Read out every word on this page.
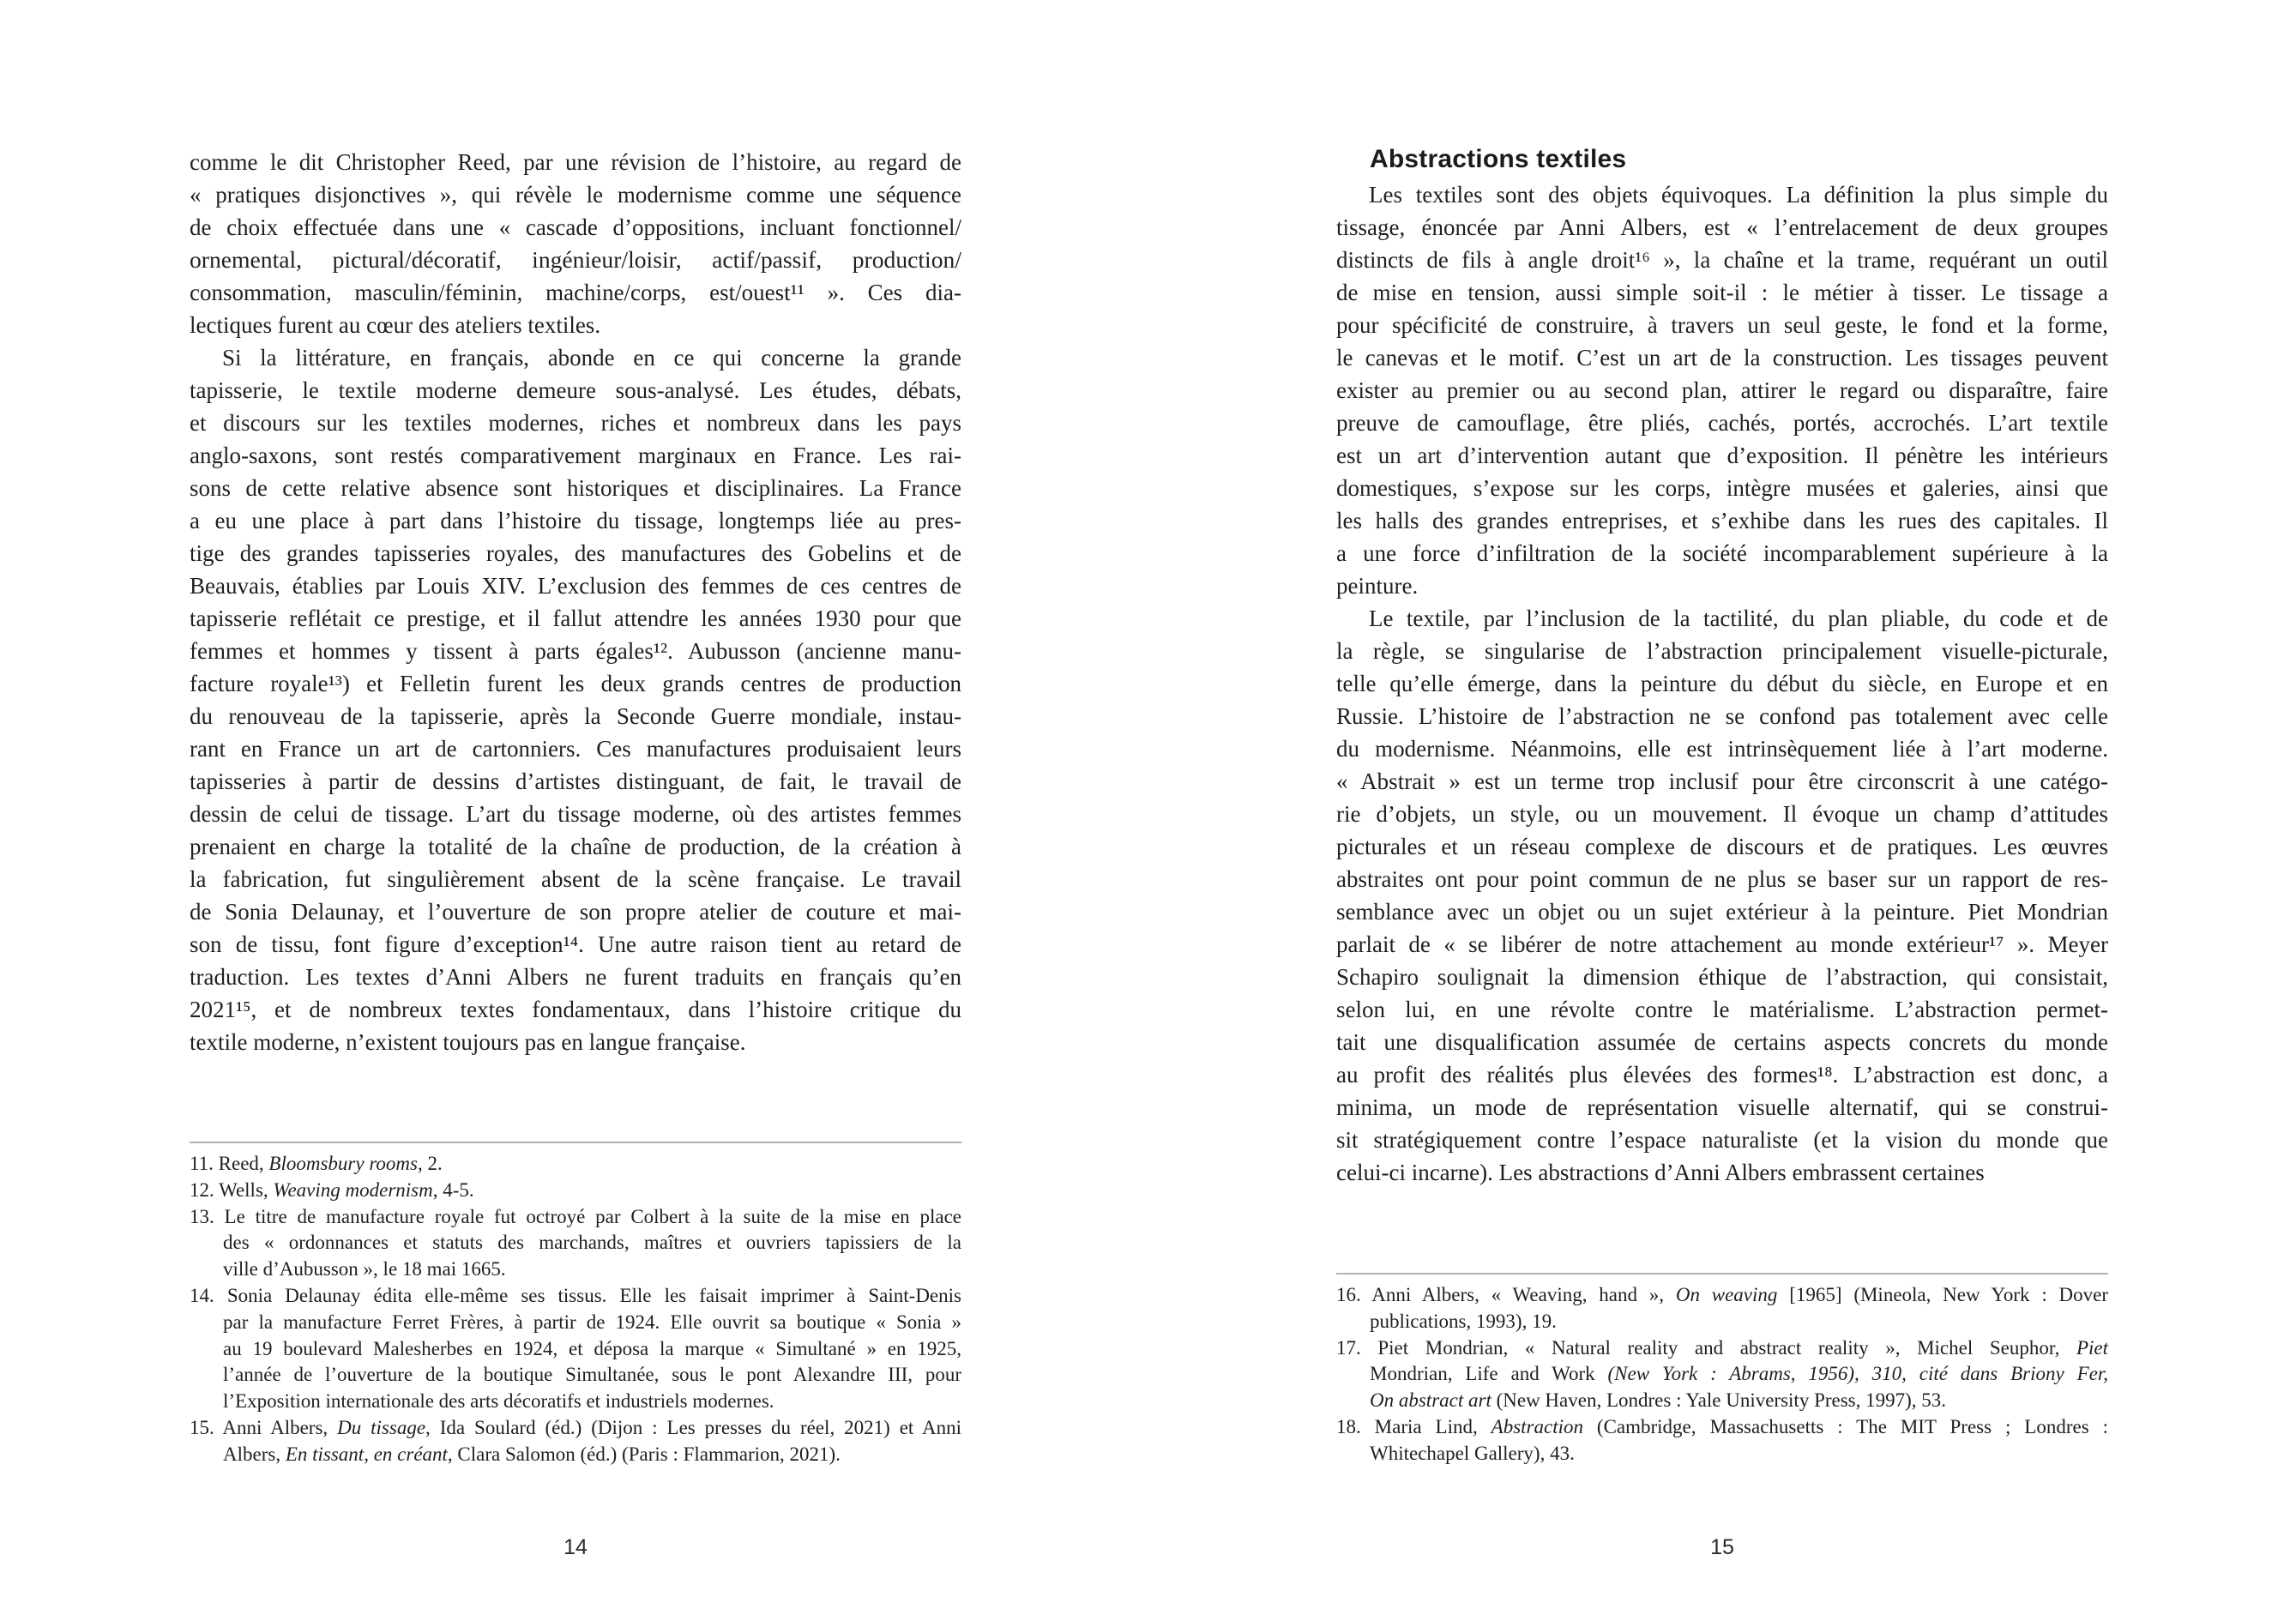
comme le dit Christopher Reed, par une révision de l’histoire, au regard de
« pratiques disjonctives », qui révèle le modernisme comme une séquence
de choix effectuée dans une « cascade d’oppositions, incluant fonctionnel/
ornemental, pictural/décoratif, ingénieur/loisir, actif/passif, production/
consommation, masculin/féminin, machine/corps, est/ouest¹¹ ». Ces dia-
lectiques furent au cœur des ateliers textiles.
Si la littérature, en français, abonde en ce qui concerne la grande
tapisserie, le textile moderne demeure sous-analysé. Les études, débats,
et discours sur les textiles modernes, riches et nombreux dans les pays
anglo-saxons, sont restés comparativement marginaux en France. Les rai-
sons de cette relative absence sont historiques et disciplinaires. La France
a eu une place à part dans l’histoire du tissage, longtemps liée au pres-
tige des grandes tapisseries royales, des manufactures des Gobelins et de
Beauvais, établies par Louis XIV. L’exclusion des femmes de ces centres de
tapisserie reflétait ce prestige, et il fallut attendre les années 1930 pour que
femmes et hommes y tissent à parts égales¹². Aubusson (ancienne manu-
facture royale¹³) et Felletin furent les deux grands centres de production
du renouveau de la tapisserie, après la Seconde Guerre mondiale, instau-
rant en France un art de cartonniers. Ces manufactures produisaient leurs
tapisseries à partir de dessins d’artistes distinguant, de fait, le travail de
dessin de celui de tissage. L’art du tissage moderne, où des artistes femmes
prenaient en charge la totalité de la chaîne de production, de la création à
la fabrication, fut singulièrement absent de la scène française. Le travail
de Sonia Delaunay, et l’ouverture de son propre atelier de couture et mai-
son de tissu, font figure d’exception¹⁴. Une autre raison tient au retard de
traduction. Les textes d’Anni Albers ne furent traduits en français qu’en
2021¹⁵, et de nombreux textes fondamentaux, dans l’histoire critique du
textile moderne, n’existent toujours pas en langue française.
11. Reed, Bloomsbury rooms, 2.
12. Wells, Weaving modernism, 4-5.
13. Le titre de manufacture royale fut octroyé par Colbert à la suite de la mise en place
des « ordonnances et statuts des marchands, maîtres et ouvriers tapissiers de la
ville d’Aubusson », le 18 mai 1665.
14. Sonia Delaunay édita elle-même ses tissus. Elle les faisait imprimer à Saint-Denis
par la manufacture Ferret Frères, à partir de 1924. Elle ouvrit sa boutique « Sonia »
au 19 boulevard Malesherbes en 1924, et déposa la marque « Simultané » en 1925,
l’année de l’ouverture de la boutique Simultanée, sous le pont Alexandre III, pour
l’Exposition internationale des arts décoratifs et industriels modernes.
15. Anni Albers, Du tissage, Ida Soulard (éd.) (Dijon : Les presses du réel, 2021) et Anni
Albers, En tissant, en créant, Clara Salomon (éd.) (Paris : Flammarion, 2021).
14
Abstractions textiles
Les textiles sont des objets équivoques. La définition la plus simple du
tissage, énoncée par Anni Albers, est « l’entrelacement de deux groupes
distincts de fils à angle droit¹⁶ », la chaîne et la trame, requérant un outil
de mise en tension, aussi simple soit-il : le métier à tisser. Le tissage a
pour spécificité de construire, à travers un seul geste, le fond et la forme,
le canevas et le motif. C’est un art de la construction. Les tissages peuvent
exister au premier ou au second plan, attirer le regard ou disparaître, faire
preuve de camouflage, être pliés, cachés, portés, accrochés. L’art textile
est un art d’intervention autant que d’exposition. Il pénètre les intérieurs
domestiques, s’expose sur les corps, intègre musées et galeries, ainsi que
les halls des grandes entreprises, et s’exhibe dans les rues des capitales. Il
a une force d’infiltration de la société incomparablement supérieure à la
peinture.
Le textile, par l’inclusion de la tactilité, du plan pliable, du code et de
la règle, se singularise de l’abstraction principalement visuelle-picturale,
telle qu’elle émerge, dans la peinture du début du siècle, en Europe et en
Russie. L’histoire de l’abstraction ne se confond pas totalement avec celle
du modernisme. Néanmoins, elle est intrinsèquement liée à l’art moderne.
« Abstrait » est un terme trop inclusif pour être circonscrit à une catégo-
rie d’objets, un style, ou un mouvement. Il évoque un champ d’attitudes
picturales et un réseau complexe de discours et de pratiques. Les œuvres
abstraites ont pour point commun de ne plus se baser sur un rapport de res-
semblance avec un objet ou un sujet extérieur à la peinture. Piet Mondrian
parlait de « se libérer de notre attachement au monde extérieur¹⁷ ». Meyer
Schapiro soulignait la dimension éthique de l’abstraction, qui consistait,
selon lui, en une révolte contre le matérialisme. L’abstraction permet-
tait une disqualification assumée de certains aspects concrets du monde
au profit des réalités plus élevées des formes¹⁸. L’abstraction est donc, a
minima, un mode de représentation visuelle alternatif, qui se construi-
sit stratégiquement contre l’espace naturaliste (et la vision du monde que
celui-ci incarne). Les abstractions d’Anni Albers embrassent certaines
16. Anni Albers, « Weaving, hand », On weaving [1965] (Mineola, New York : Dover
publications, 1993), 19.
17. Piet Mondrian, « Natural reality and abstract reality », Michel Seuphor, Piet
Mondrian, Life and Work (New York : Abrams, 1956), 310, cité dans Briony Fer,
On abstract art (New Haven, Londres : Yale University Press, 1997), 53.
18. Maria Lind, Abstraction (Cambridge, Massachusetts : The MIT Press ; Londres :
Whitechapel Gallery), 43.
15
